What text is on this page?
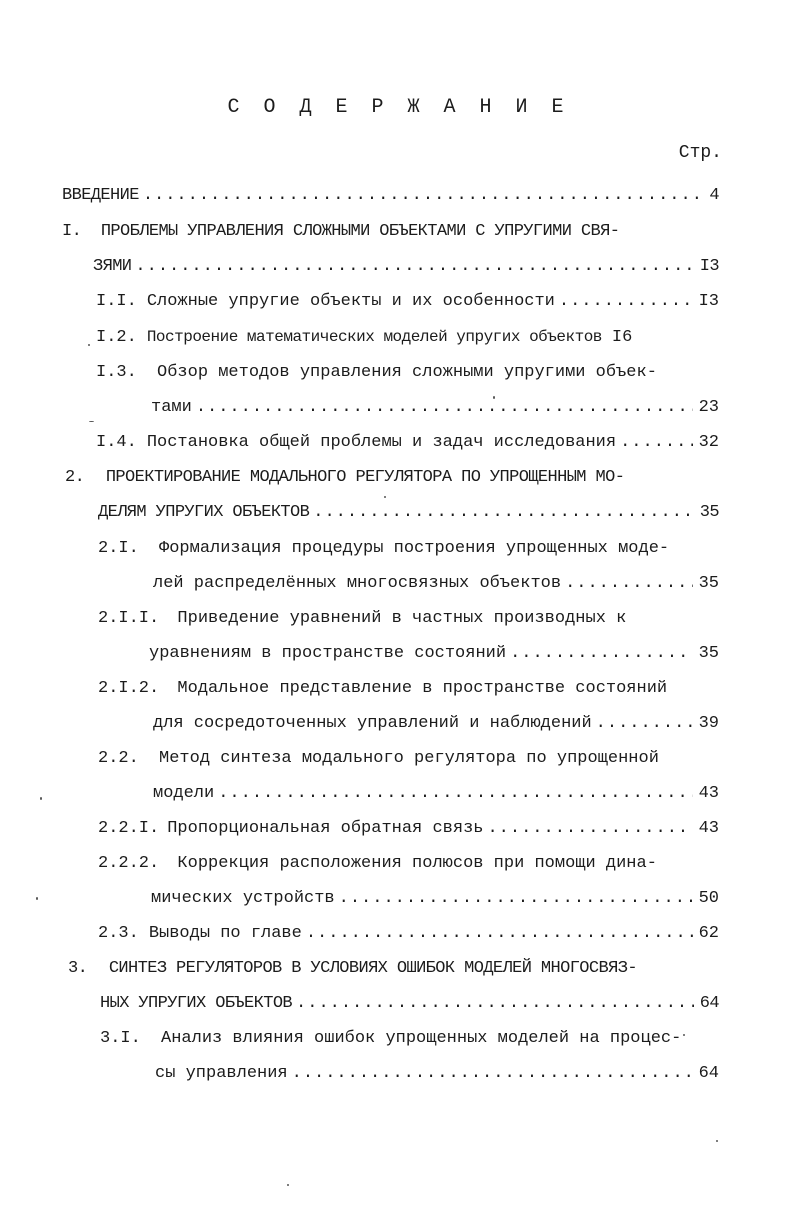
С О Д Е Р Ж А Н И Е
Стр.
ВВЕДЕНИЕ .....	4
I. ПРОБЛЕМЫ УПРАВЛЕНИЯ СЛОЖНЫМИ ОБЪЕКТАМИ С УПРУГИМИ СВЯ-
ЗЯМИ .....	I3
I.I. Сложные упругие объекты и их особенности .....	I3
I.2. Построение математических моделей упругих объектов I6
I.3. Обзор методов управления сложными упругими объек-
тами .....	23
I.4. Постановка общей проблемы и задач исследования .....	32
2. ПРОЕКТИРОВАНИЕ МОДАЛЬНОГО РЕГУЛЯТОРА ПО УПРОЩЕННЫМ МО-
ДЕЛЯМ УПРУГИХ ОБЪЕКТОВ .....	35
2.I. Формализация процедуры построения упрощенных моде-
лей распределённых многосвязных объектов .....	35
2.I.I. Приведение уравнений в частных производных к
уравнениям в пространстве состояний .....	35
2.I.2. Модальное представление в пространстве состояний
для сосредоточенных управлений и наблюдений .....	39
2.2. Метод синтеза модального регулятора по упрощенной
модели .....	43
2.2.I. Пропорциональная обратная связь .....	43
2.2.2. Коррекция расположения полюсов при помощи дина-
мических устройств .....	50
2.3. Выводы по главе .....	62
3. СИНТЕЗ РЕГУЛЯТОРОВ В УСЛОВИЯХ ОШИБОК МОДЕЛЕЙ МНОГОСВЯЗ-
НЫХ УПРУГИХ ОБЪЕКТОВ .....	64
3.I. Анализ влияния ошибок упрощенных моделей на процес-
сы управления .....	64
